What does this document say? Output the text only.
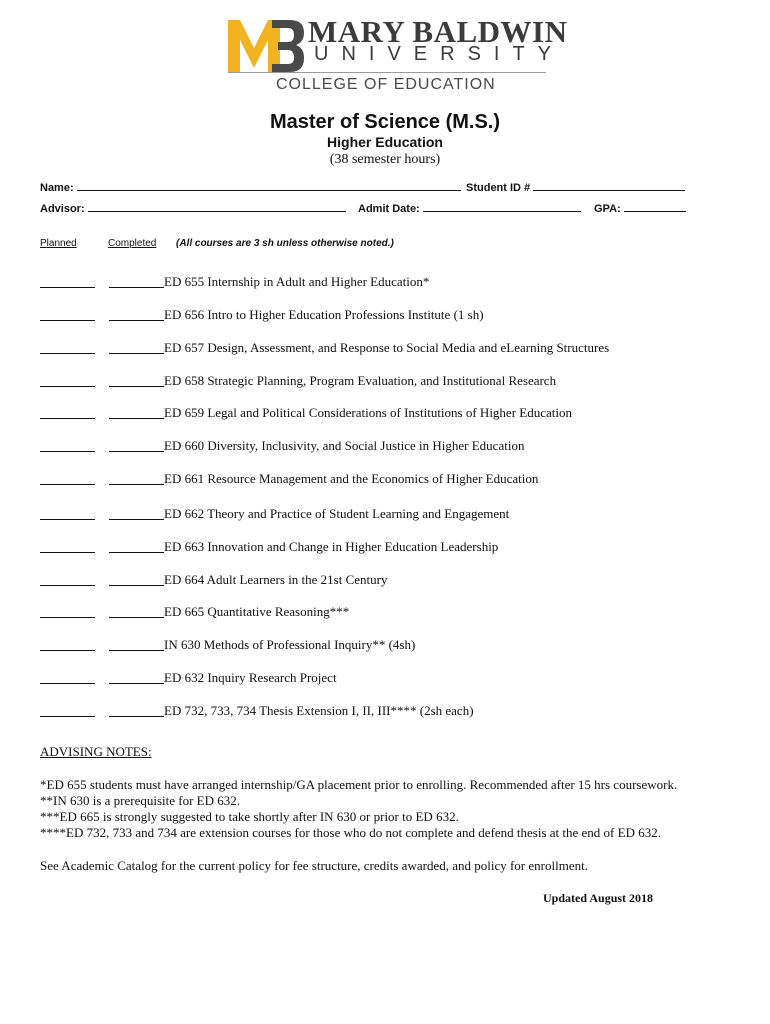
MARY BALDWIN
UNIVERSITY
COLLEGE OF EDUCATION
Master of Science (M.S.)
Higher Education
(38 semester hours)
Name:	Student ID #
Advisor:	Admit Date:	GPA:
Planned	Completed (All courses are 3 sh unless otherwise noted.)
ED 655 Internship in Adult and Higher Education*
ED 656 Intro to Higher Education Professions Institute (1 sh)
ED 657 Design, Assessment, and Response to Social Media and eLearning Structures
ED 658 Strategic Planning, Program Evaluation, and Institutional Research
ED 659 Legal and Political Considerations of Institutions of Higher Education
ED 660 Diversity, Inclusivity, and Social Justice in Higher Education
ED 661 Resource Management and the Economics of Higher Education
ED 662 Theory and Practice of Student Learning and Engagement
ED 663 Innovation and Change in Higher Education Leadership
ED 664 Adult Learners in the 21st Century
ED 665 Quantitative Reasoning***
IN 630 Methods of Professional Inquiry** (4sh)
ED 632 Inquiry Research Project
ED 732, 733, 734 Thesis Extension I, II, III**** (2sh each)
ADVISING NOTES:
*ED 655 students must have arranged internship/GA placement prior to enrolling. Recommended after 15 hrs coursework.
**IN 630 is a prerequisite for ED 632.
***ED 665 is strongly suggested to take shortly after IN 630 or prior to ED 632.
****ED 732, 733 and 734 are extension courses for those who do not complete and defend thesis at the end of ED 632.
See Academic Catalog for the current policy for fee structure, credits awarded, and policy for enrollment.
Updated August 2018
